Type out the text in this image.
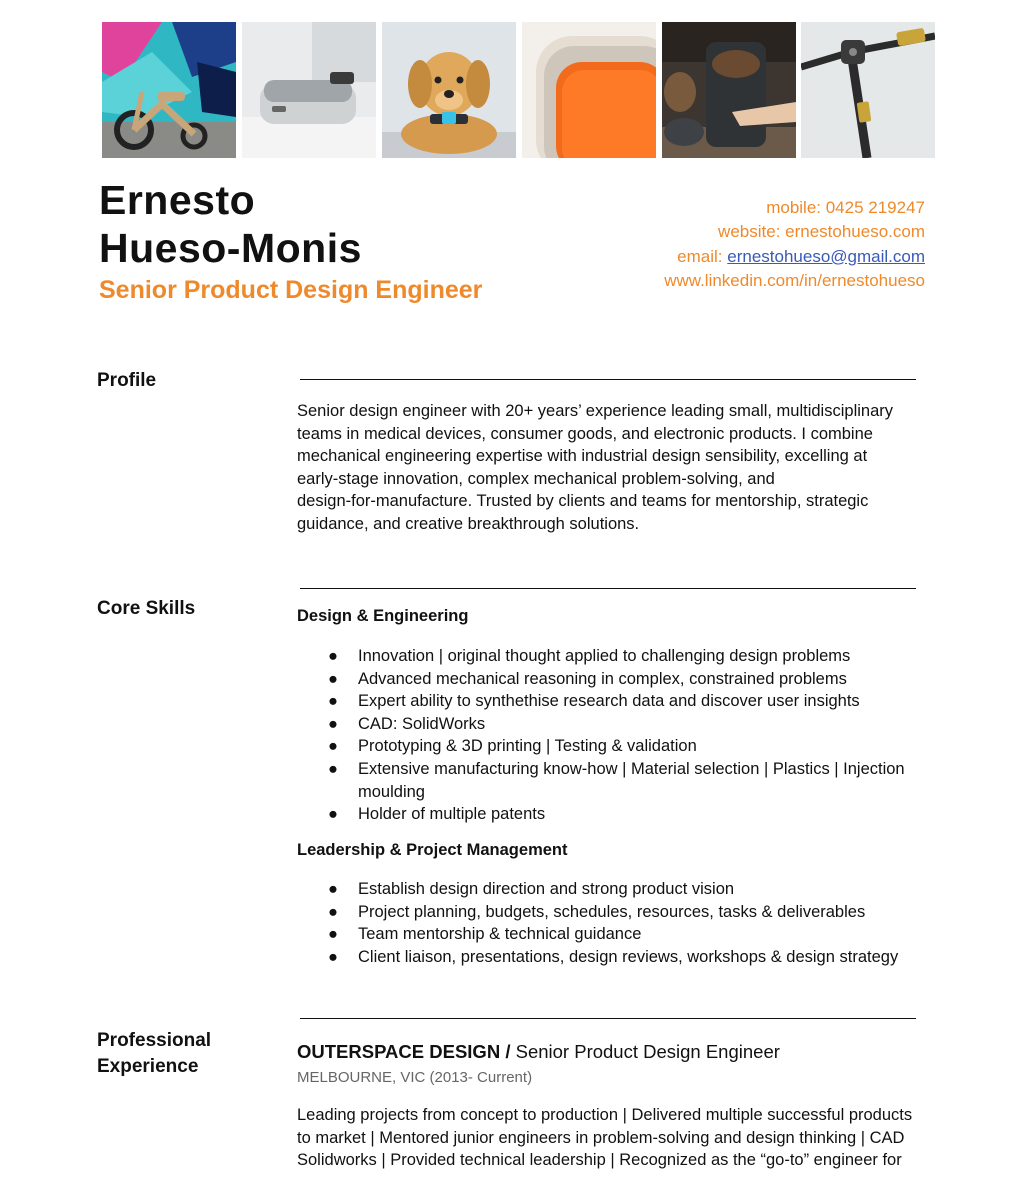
Ernesto
Hueso-Monis
Senior Product Design Engineer
mobile: 0425 219247
website: ernestohueso.com
email: ernestohueso@gmail.com
www.linkedin.com/in/ernestohueso
Profile
Senior design engineer with 20+ years’ experience leading small, multidisciplinary
teams in medical devices, consumer goods, and electronic products. I combine
mechanical engineering expertise with industrial design sensibility, excelling at
early-stage innovation, complex mechanical problem-solving, and
design-for-manufacture. Trusted by clients and teams for mentorship, strategic
guidance, and creative breakthrough solutions.
Core Skills	Design & Engineering

● Innovation | original thought applied to challenging design problems
● Advanced mechanical reasoning in complex, constrained problems
● Expert ability to synthethise research data and discover user insights
● CAD: SolidWorks
● Prototyping & 3D printing | Testing & validation
● Extensive manufacturing know-how | Material selection | Plastics | Injection moulding
● Holder of multiple patents

Leadership & Project Management

● Establish design direction and strong product vision
● Project planning, budgets, schedules, resources, tasks & deliverables
● Team mentorship & technical guidance
● Client liaison, presentations, design reviews, workshops & design strategy
Professional
Experience

OUTERSPACE DESIGN / Senior Product Design Engineer

MELBOURNE, VIC (2013- Current)

Leading projects from concept to production | Delivered multiple successful products
to market | Mentored junior engineers in problem-solving and design thinking | CAD
Solidworks | Provided technical leadership | Recognized as the “go-to” engineer for
